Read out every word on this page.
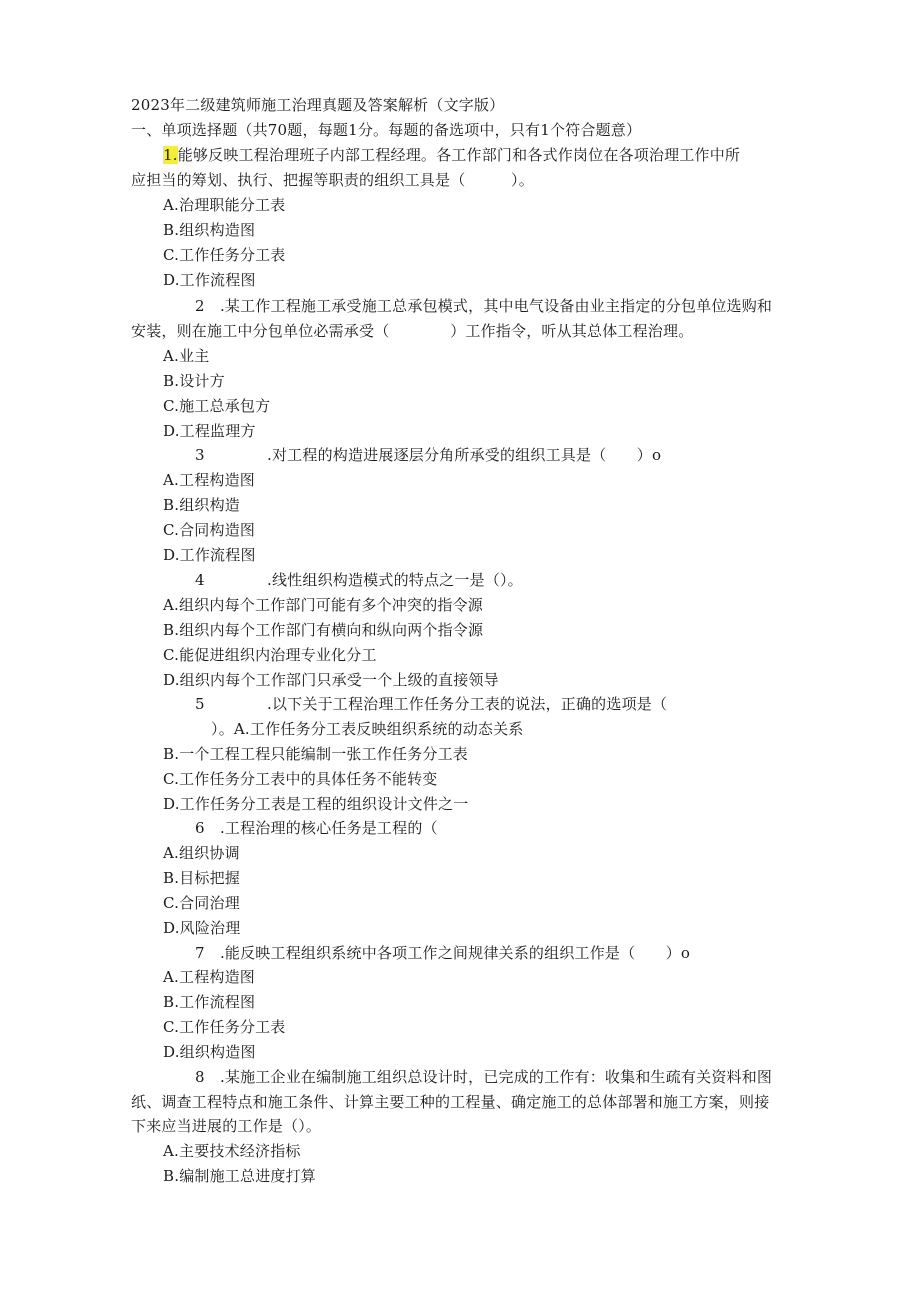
2023年二级建筑师施工治理真题及答案解析（文字版）
一、单项选择题（共70题，每题1分。每题的备选项中，只有1个符合题意）
1.能够反映工程治理班子内部工程经理。各工作部门和各式作岗位在各项治理工作中所
应担当的筹划、执行、把握等职责的组织工具是（　　　）。
A.治理职能分工表
B.组织构造图
C.工作任务分工表
D.工作流程图
2　.某工作工程施工承受施工总承包模式，其中电气设备由业主指定的分包单位选购和
安装，则在施工中分包单位必需承受（　　　　）工作指令，听从其总体工程治理。
A.业主
B.设计方
C.施工总承包方
D.工程监理方
3	.对工程的构造进展逐层分角所承受的组织工具是（　　）o
A.工程构造图
B.组织构造
C.合同构造图
D.工作流程图
4	.线性组织构造模式的特点之一是（）。
A.组织内每个工作部门可能有多个冲突的指令源
B.组织内每个工作部门有横向和纵向两个指令源
C.能促进组织内治理专业化分工
D.组织内每个工作部门只承受一个上级的直接领导
5	.以下关于工程治理工作任务分工表的说法，正确的选项是（
）。A.工作任务分工表反映组织系统的动态关系
B.一个工程工程只能编制一张工作任务分工表
C.工作任务分工表中的具体任务不能转变
D.工作任务分工表是工程的组织设计文件之一
6　.工程治理的核心任务是工程的（
A.组织协调
B.目标把握
C.合同治理
D.风险治理
7　.能反映工程组织系统中各项工作之间规律关系的组织工作是（　　）o
A.工程构造图
B.工作流程图
C.工作任务分工表
D.组织构造图
8　.某施工企业在编制施工组织总设计时，已完成的工作有：收集和生疏有关资料和图
纸、调查工程特点和施工条件、计算主要工种的工程量、确定施工的总体部署和施工方案，则接
下来应当进展的工作是（）。
A.主要技术经济指标
B.编制施工总进度打算
